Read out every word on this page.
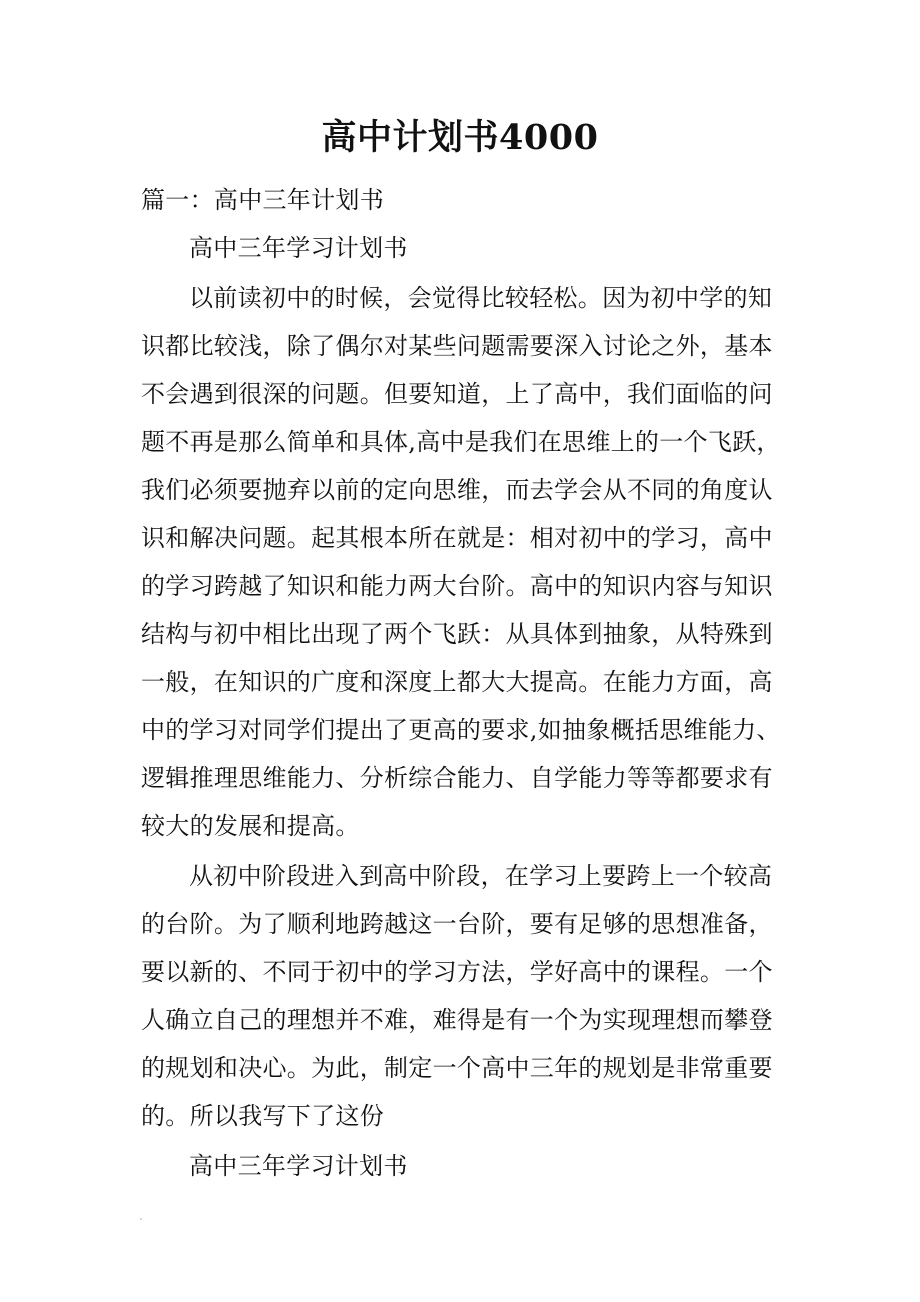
高中计划书4000
篇一：高中三年计划书
高中三年学习计划书
以前读初中的时候，会觉得比较轻松。因为初中学的知
识都比较浅，除了偶尔对某些问题需要深入讨论之外，基本
不会遇到很深的问题。但要知道，上了高中，我们面临的问
题不再是那么简单和具体,高中是我们在思维上的一个飞跃，
我们必须要抛弃以前的定向思维，而去学会从不同的角度认
识和解决问题。起其根本所在就是：相对初中的学习，高中
的学习跨越了知识和能力两大台阶。高中的知识内容与知识
结构与初中相比出现了两个飞跃：从具体到抽象，从特殊到
一般，在知识的广度和深度上都大大提高。在能力方面，高
中的学习对同学们提出了更高的要求,如抽象概括思维能力、
逻辑推理思维能力、分析综合能力、自学能力等等都要求有
较大的发展和提高。
从初中阶段进入到高中阶段，在学习上要跨上一个较高
的台阶。为了顺利地跨越这一台阶，要有足够的思想准备，
要以新的、不同于初中的学习方法，学好高中的课程。一个
人确立自己的理想并不难，难得是有一个为实现理想而攀登
的规划和决心。为此，制定一个高中三年的规划是非常重要
的。所以我写下了这份
高中三年学习计划书
